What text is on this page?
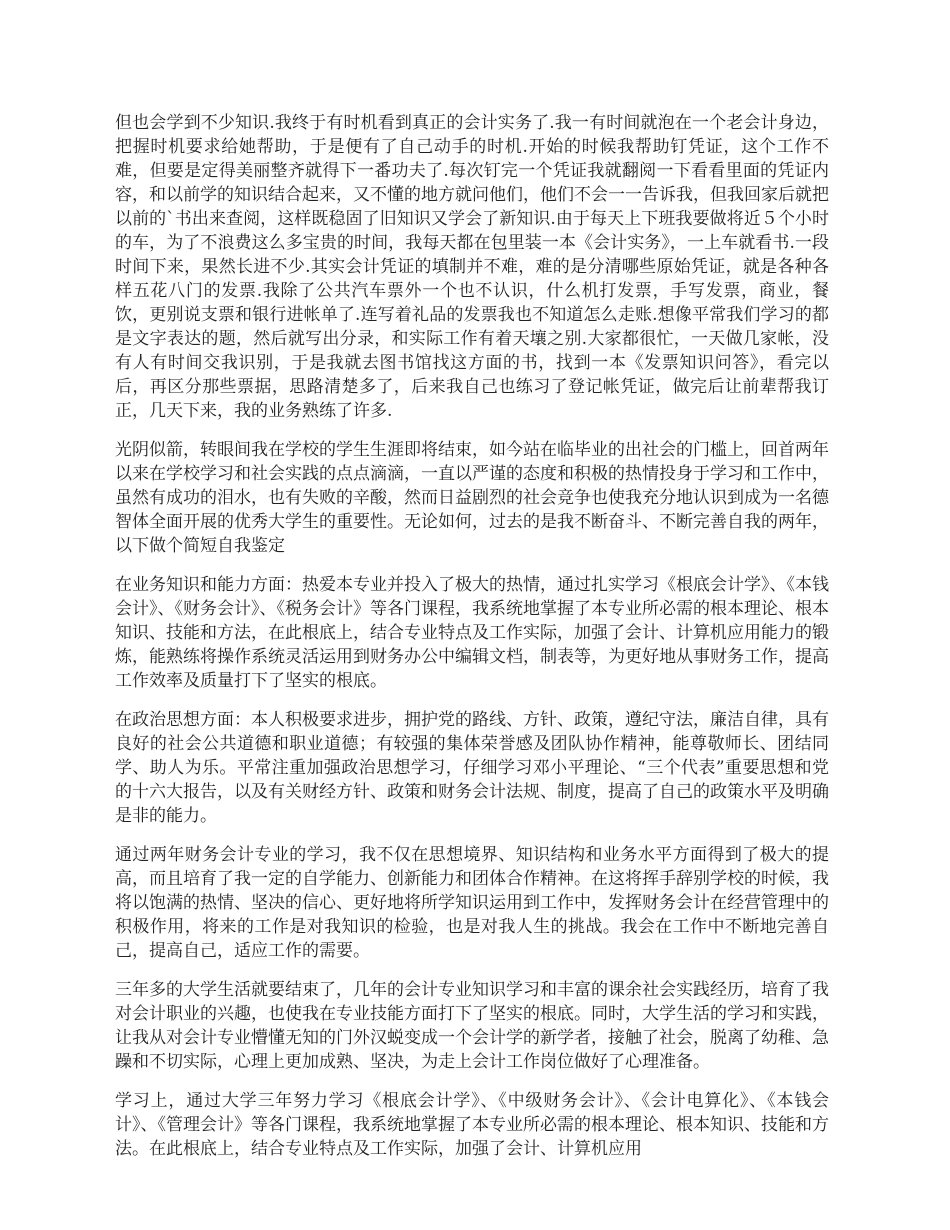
但也会学到不少知识.我终于有时机看到真正的会计实务了.我一有时间就泡在一个老会计身边，把握时机要求给她帮助，于是便有了自己动手的时机.开始的时候我帮助钉凭证，这个工作不难，但要是定得美丽整齐就得下一番功夫了.每次钉完一个凭证我就翻阅一下看看里面的凭证内容，和以前学的知识结合起来，又不懂的地方就问他们，他们不会一一告诉我，但我回家后就把以前的`书出来查阅，这样既稳固了旧知识又学会了新知识.由于每天上下班我要做将近５个小时的车，为了不浪费这么多宝贵的时间，我每天都在包里装一本《会计实务》，一上车就看书.一段时间下来，果然长进不少.其实会计凭证的填制并不难，难的是分清哪些原始凭证，就是各种各样五花八门的发票.我除了公共汽车票外一个也不认识，什么机打发票，手写发票，商业，餐饮，更别说支票和银行进帐单了.连写着礼品的发票我也不知道怎么走账.想像平常我们学习的都是文字表达的题，然后就写出分录，和实际工作有着天壤之别.大家都很忙，一天做几家帐，没有人有时间交我识别，于是我就去图书馆找这方面的书，找到一本《发票知识问答》，看完以后，再区分那些票据，思路清楚多了，后来我自己也练习了登记帐凭证，做完后让前辈帮我订正，几天下来，我的业务熟练了许多.

光阴似箭，转眼间我在学校的学生生涯即将结束，如今站在临毕业的出社会的门槛上，回首两年以来在学校学习和社会实践的点点滴滴，一直以严谨的态度和积极的热情投身于学习和工作中，虽然有成功的泪水，也有失败的辛酸，然而日益剧烈的社会竞争也使我充分地认识到成为一名德智体全面开展的优秀大学生的重要性。无论如何，过去的是我不断奋斗、不断完善自我的两年，以下做个简短自我鉴定

在业务知识和能力方面：热爱本专业并投入了极大的热情，通过扎实学习《根底会计学》、《本钱会计》、《财务会计》、《税务会计》等各门课程，我系统地掌握了本专业所必需的根本理论、根本知识、技能和方法，在此根底上，结合专业特点及工作实际，加强了会计、计算机应用能力的锻炼，能熟练将操作系统灵活运用到财务办公中编辑文档，制表等，为更好地从事财务工作，提高工作效率及质量打下了坚实的根底。

在政治思想方面：本人积极要求进步，拥护党的路线、方针、政策，遵纪守法，廉洁自律，具有良好的社会公共道德和职业道德；有较强的集体荣誉感及团队协作精神，能尊敬师长、团结同学、助人为乐。平常注重加强政治思想学习，仔细学习邓小平理论、“三个代表”重要思想和党的十六大报告，以及有关财经方针、政策和财务会计法规、制度，提高了自己的政策水平及明确是非的能力。

通过两年财务会计专业的学习，我不仅在思想境界、知识结构和业务水平方面得到了极大的提高，而且培育了我一定的自学能力、创新能力和团体合作精神。在这将挥手辞别学校的时候，我将以饱满的热情、坚决的信心、更好地将所学知识运用到工作中，发挥财务会计在经营管理中的积极作用，将来的工作是对我知识的检验，也是对我人生的挑战。我会在工作中不断地完善自己，提高自己，适应工作的需要。

三年多的大学生活就要结束了，几年的会计专业知识学习和丰富的课余社会实践经历，培育了我对会计职业的兴趣，也使我在专业技能方面打下了坚实的根底。同时，大学生活的学习和实践，让我从对会计专业懵懂无知的门外汉蜕变成一个会计学的新学者，接触了社会，脱离了幼稚、急躁和不切实际，心理上更加成熟、坚决，为走上会计工作岗位做好了心理准备。

学习上，通过大学三年努力学习《根底会计学》、《中级财务会计》、《会计电算化》、《本钱会计》、《管理会计》等各门课程，我系统地掌握了本专业所必需的根本理论、根本知识、技能和方法。在此根底上，结合专业特点及工作实际，加强了会计、计算机应用
